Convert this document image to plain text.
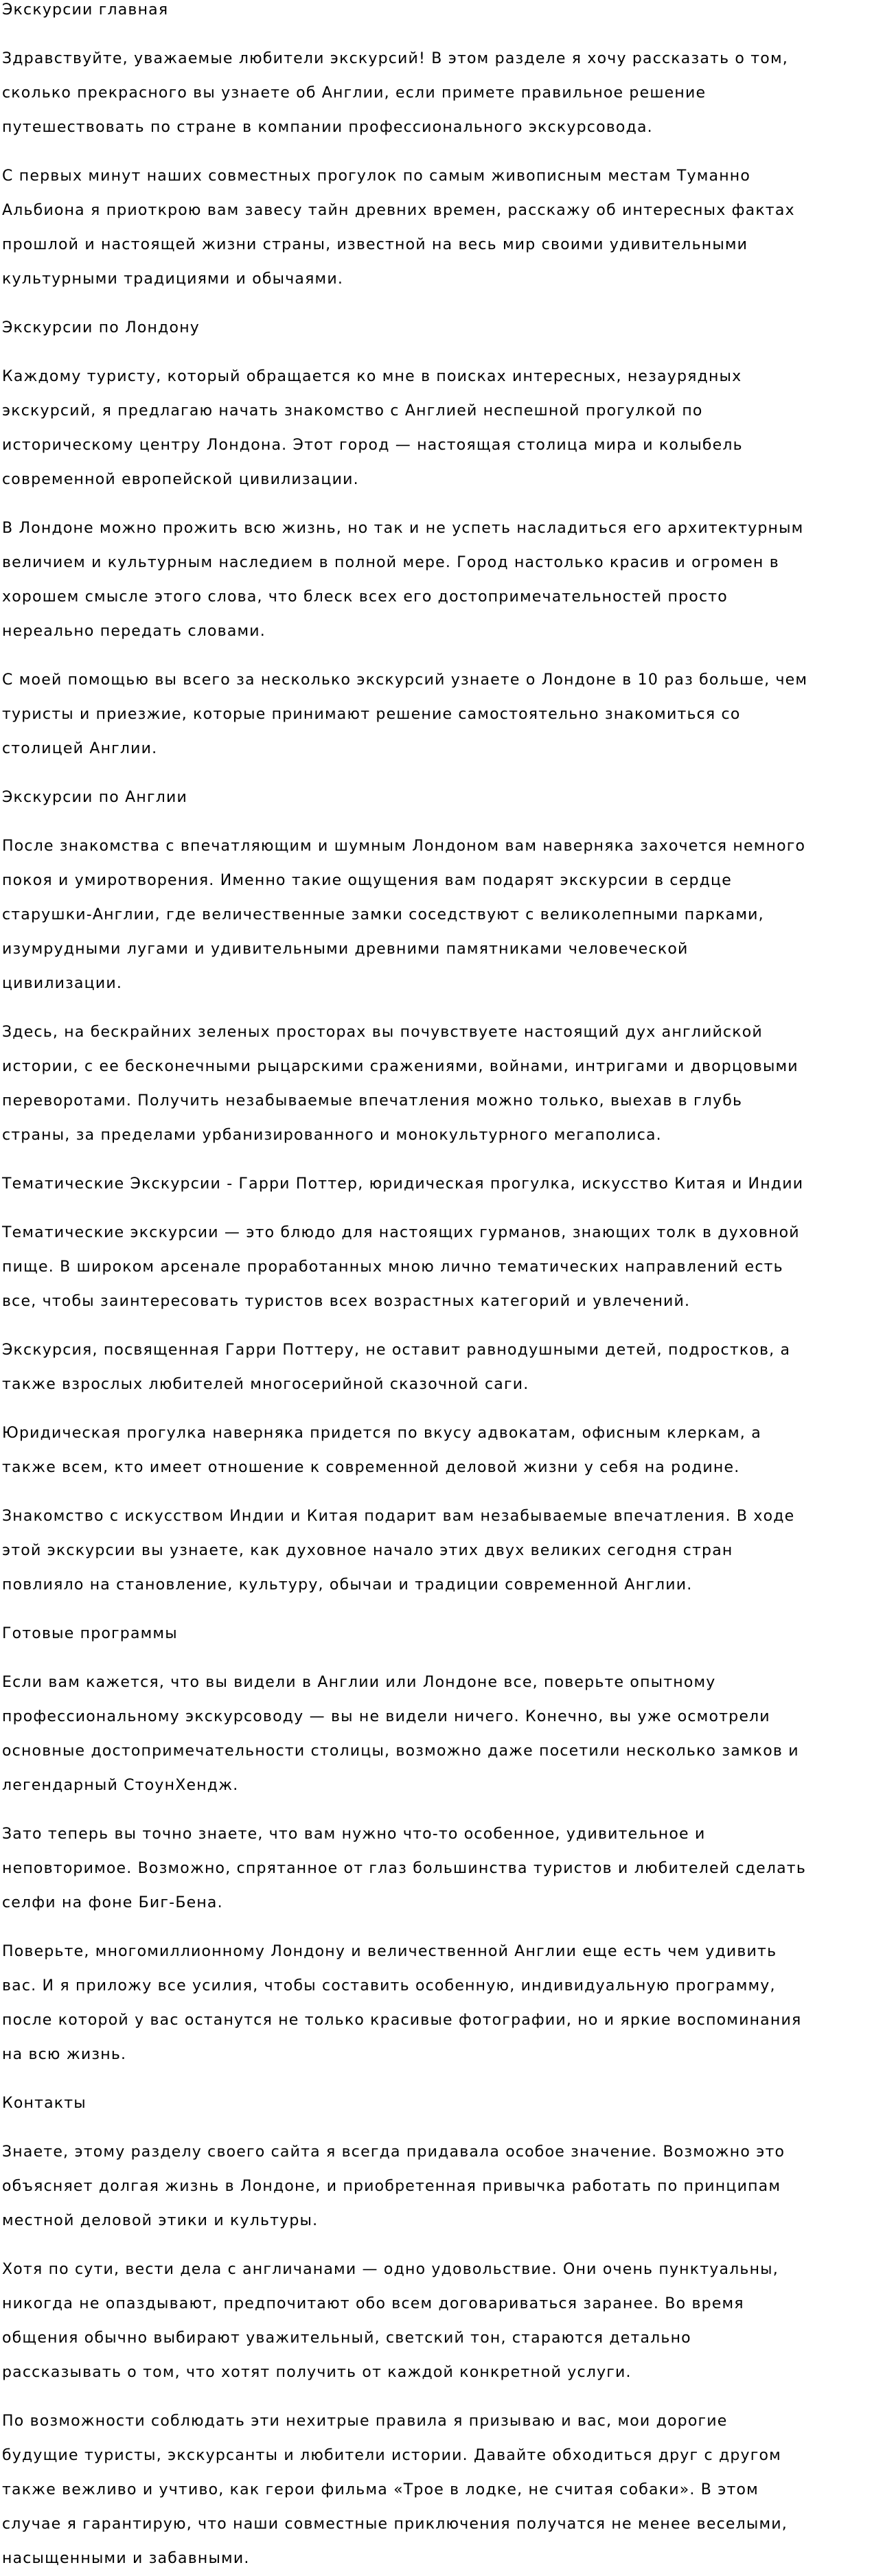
Экскурсии главная

Здравствуйте, уважаемые любители экскурсий! В этом разделе я хочу рассказать о том,
сколько прекрасного вы узнаете об Англии, если примете правильное решение
путешествовать по стране в компании профессионального экскурсовода.

С первых минут наших совместных прогулок по самым живописным местам Туманно
Альбиона я приоткрою вам завесу тайн древних времен, расскажу об интересных фактах
прошлой и настоящей жизни страны, известной на весь мир своими удивительными
культурными традициями и обычаями.

Экскурсии по Лондону

Каждому туристу, который обращается ко мне в поисках интересных, незаурядных
экскурсий, я предлагаю начать знакомство с Англией неспешной прогулкой по
историческому центру Лондона. Этот город — настоящая столица мира и колыбель
современной европейской цивилизации.

В Лондоне можно прожить всю жизнь, но так и не успеть насладиться его архитектурным
величием и культурным наследием в полной мере. Город настолько красив и огромен в
хорошем смысле этого слова, что блеск всех его достопримечательностей просто
нереально передать словами.

С моей помощью вы всего за несколько экскурсий узнаете о Лондоне в 10 раз больше, чем
туристы и приезжие, которые принимают решение самостоятельно знакомиться со
столицей Англии.

Экскурсии по Англии

После знакомства с впечатляющим и шумным Лондоном вам наверняка захочется немного
покоя и умиротворения. Именно такие ощущения вам подарят экскурсии в сердце
старушки-Англии, где величественные замки соседствуют с великолепными парками,
изумрудными лугами и удивительными древними памятниками человеческой
цивилизации.

Здесь, на бескрайних зеленых просторах вы почувствуете настоящий дух английской
истории, с ее бесконечными рыцарскими сражениями, войнами, интригами и дворцовыми
переворотами. Получить незабываемые впечатления можно только, выехав в глубь
страны, за пределами урбанизированного и монокультурного мегаполиса.

Тематические Экскурсии - Гарри Поттер, юридическая прогулка, искусство Китая и Индии

Тематические экскурсии — это блюдо для настоящих гурманов, знающих толк в духовной
пище. В широком арсенале проработанных мною лично тематических направлений есть
все, чтобы заинтересовать туристов всех возрастных категорий и увлечений.

Экскурсия, посвященная Гарри Поттеру, не оставит равнодушными детей, подростков, а
также взрослых любителей многосерийной сказочной саги.

Юридическая прогулка наверняка придется по вкусу адвокатам, офисным клеркам, а
также всем, кто имеет отношение к современной деловой жизни у себя на родине.

Знакомство с искусством Индии и Китая подарит вам незабываемые впечатления. В ходе
этой экскурсии вы узнаете, как духовное начало этих двух великих сегодня стран
повлияло на становление, культуру, обычаи и традиции современной Англии.

Готовые программы

Если вам кажется, что вы видели в Англии или Лондоне все, поверьте опытному
профессиональному экскурсоводу — вы не видели ничего. Конечно, вы уже осмотрели
основные достопримечательности столицы, возможно даже посетили несколько замков и
легендарный СтоунХендж.

Зато теперь вы точно знаете, что вам нужно что-то особенное, удивительное и
неповторимое. Возможно, спрятанное от глаз большинства туристов и любителей сделать
селфи на фоне Биг-Бена.

Поверьте, многомиллионному Лондону и величественной Англии еще есть чем удивить
вас. И я приложу все усилия, чтобы составить особенную, индивидуальную программу,
после которой у вас останутся не только красивые фотографии, но и яркие воспоминания
на всю жизнь.

Контакты

Знаете, этому разделу своего сайта я всегда придавала особое значение. Возможно это
объясняет долгая жизнь в Лондоне, и приобретенная привычка работать по принципам
местной деловой этики и культуры.

Хотя по сути, вести дела с англичанами — одно удовольствие. Они очень пунктуальны,
никогда не опаздывают, предпочитают обо всем договариваться заранее. Во время
общения обычно выбирают уважительный, светский тон, стараются детально
рассказывать о том, что хотят получить от каждой конкретной услуги.

По возможности соблюдать эти нехитрые правила я призываю и вас, мои дорогие
будущие туристы, экскурсанты и любители истории. Давайте обходиться друг с другом
также вежливо и учтиво, как герои фильма «Трое в лодке, не считая собаки». В этом
случае я гарантирую, что наши совместные приключения получатся не менее веселыми,
насыщенными и забавными.
